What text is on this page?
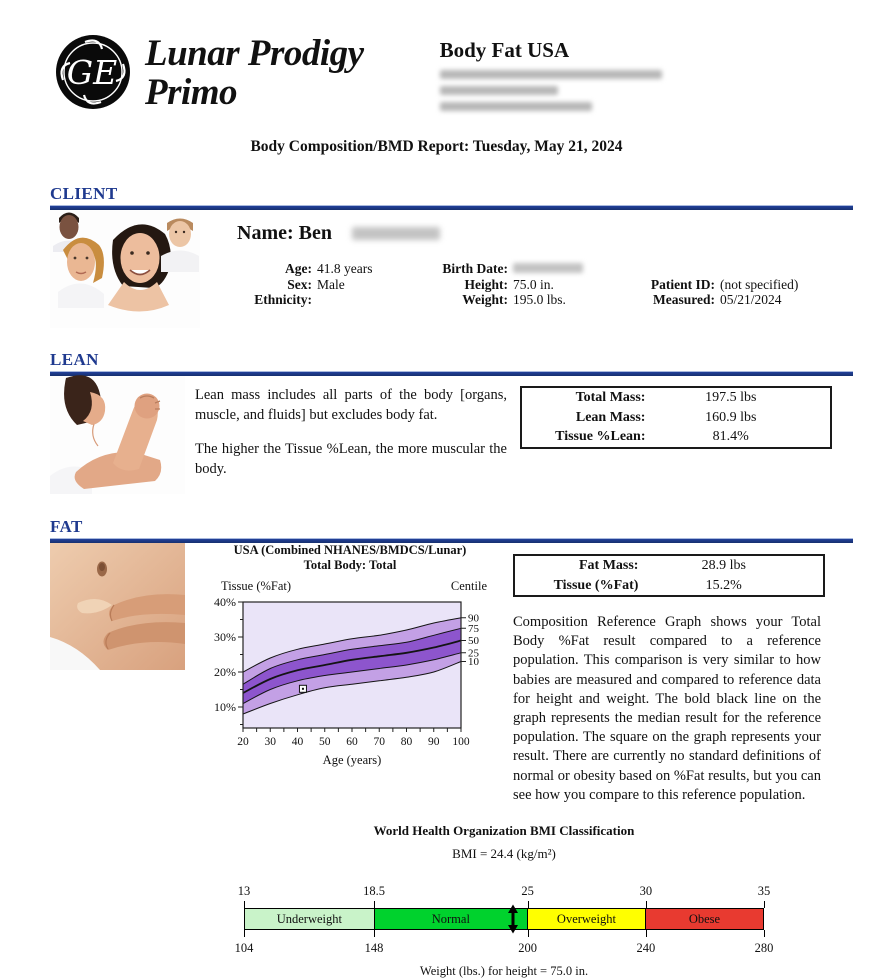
GE Lunar Prodigy
Primo
Body Fat USA
Body Composition/BMD Report: Tuesday, May 21, 2024
CLIENT
Name:
Ben
Age: 41.8 years
Sex: Male
Ethnicity:
Birth Date:
Height: 75.0 in.
Weight: 195.0 lbs.
Patient ID: (not specified)
Measured: 05/21/2024
LEAN
Lean mass includes all parts of the body [organs, muscle, and fluids] but excludes body fat.
The higher the Tissue %Lean, the more muscular the body.
Total Mass:	197.5 lbs
Lean Mass:	160.9 lbs
Tissue %Lean:	81.4%
FAT
USA (Combined NHANES/BMDCS/Lunar) Total Body: Total
Tissue (%Fat)	Centile
20 30 40 50 60 70 80 90 100
40%
30%
20%
10%
90
75
50
25
10
Age (years)
Fat Mass:	28.9 lbs
Tissue (%Fat)	15.2%
Composition Reference Graph shows your Total Body %Fat result compared to a reference population. This comparison is very similar to how babies are measured and compared to reference data for height and weight. The bold black line on the graph represents the median result for the reference population. The square on the graph represents your result. There are currently no standard definitions of normal or obesity based on %Fat results, but you can see how you compare to this reference population.
World Health Organization BMI Classification
BMI = 24.4 (kg/m²)
Underweight	Normal	Overweight	Obese
13
104
18.5
148
25
200
30
240
35
280
Weight (lbs.) for height = 75.0 in.
